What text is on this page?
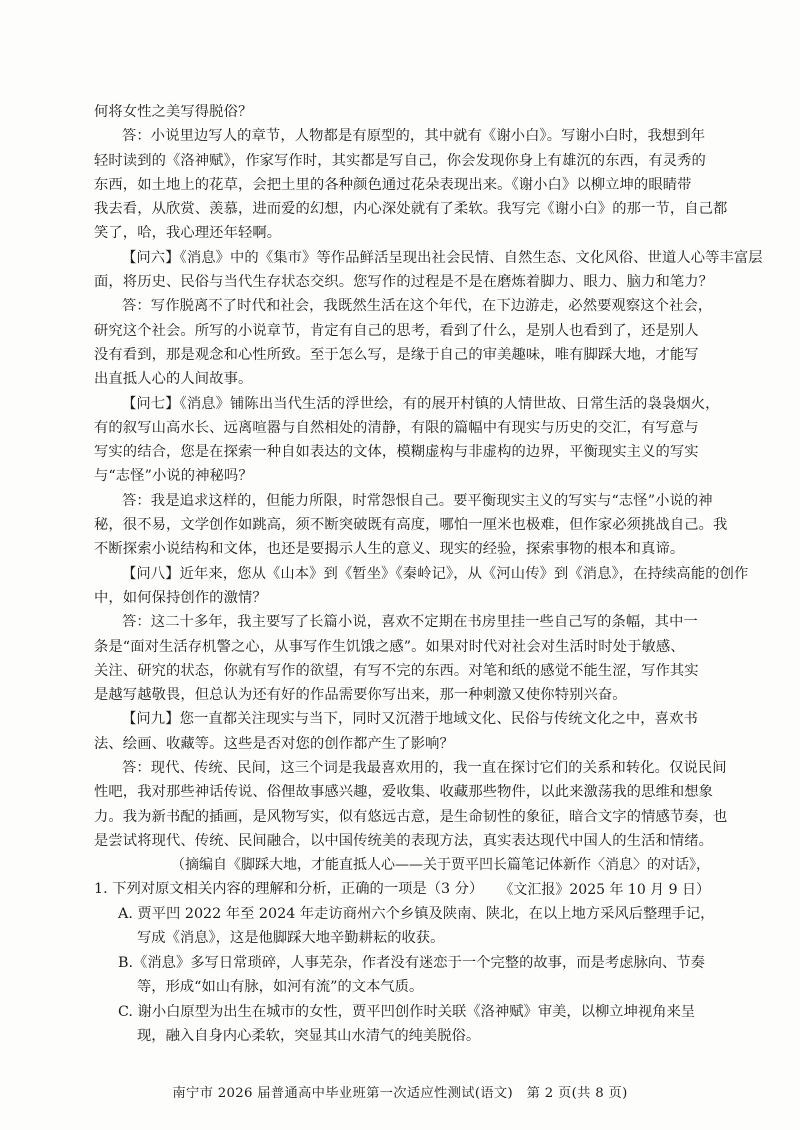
何将女性之美写得脱俗？
答：小说里边写人的章节，人物都是有原型的，其中就有《谢小白》。写谢小白时，我想到年
轻时读到的《洛神赋》，作家写作时，其实都是写自己，你会发现你身上有雄沉的东西，有灵秀的
东西，如土地上的花草，会把土里的各种颜色通过花朵表现出来。《谢小白》以柳立坤的眼睛带
我去看，从欣赏、羡慕，进而爱的幻想，内心深处就有了柔软。我写完《谢小白》的那一节，自己都
笑了，哈，我心理还年轻啊。
【问六】《消息》中的《集市》等作品鲜活呈现出社会民情、自然生态、文化风俗、世道人心等丰富层
面，将历史、民俗与当代生存状态交织。您写作的过程是不是在磨炼着脚力、眼力、脑力和笔力？
答：写作脱离不了时代和社会，我既然生活在这个年代，在下边游走，必然要观察这个社会，
研究这个社会。所写的小说章节，肯定有自己的思考，看到了什么，是别人也看到了，还是别人
没有看到，那是观念和心性所致。至于怎么写，是缘于自己的审美趣味，唯有脚踩大地，才能写
出直抵人心的人间故事。
【问七】《消息》铺陈出当代生活的浮世绘，有的展开村镇的人情世故、日常生活的袅袅烟火，
有的叙写山高水长、远离喧嚣与自然相处的清静，有限的篇幅中有现实与历史的交汇，有写意与
写实的结合，您是在探索一种自如表达的文体，模糊虚构与非虚构的边界，平衡现实主义的写实
与“志怪”小说的神秘吗？
答：我是追求这样的，但能力所限，时常怨恨自己。要平衡现实主义的写实与“志怪”小说的神
秘，很不易，文学创作如跳高，须不断突破既有高度，哪怕一厘米也极难，但作家必须挑战自己。我
不断探索小说结构和文体，也还是要揭示人生的意义、现实的经验，探索事物的根本和真谛。
【问八】近年来，您从《山本》到《暂坐》《秦岭记》，从《河山传》到《消息》，在持续高能的创作
中，如何保持创作的激情？
答：这二十多年，我主要写了长篇小说，喜欢不定期在书房里挂一些自己写的条幅，其中一
条是“面对生活存机警之心，从事写作生饥饿之感”。如果对时代对社会对生活时时处于敏感、
关注、研究的状态，你就有写作的欲望，有写不完的东西。对笔和纸的感觉不能生涩，写作其实
是越写越敬畏，但总认为还有好的作品需要你写出来，那一种刺激又使你特别兴奋。
【问九】您一直都关注现实与当下，同时又沉潜于地域文化、民俗与传统文化之中，喜欢书
法、绘画、收藏等。这些是否对您的创作都产生了影响？
答：现代、传统、民间，这三个词是我最喜欢用的，我一直在探讨它们的关系和转化。仅说民间
性吧，我对那些神话传说、俗俚故事感兴趣，爱收集、收藏那些物件，以此来激荡我的思维和想象
力。我为新书配的插画，是风物写实，似有悠远古意，是生命韧性的象征，暗合文字的情感节奏，也
是尝试将现代、传统、民间融合，以中国传统美的表现方法，真实表达现代中国人的生活和情绪。
（摘编自《脚踩大地，才能直抵人心——关于贾平凹长篇笔记体新作〈消息〉的对话》，
《文汇报》2025 年 10 月 9 日）

1. 下列对原文相关内容的理解和分析，正确的一项是（3 分）

A. 贾平凹 2022 年至 2024 年走访商州六个乡镇及陕南、陕北，在以上地方采风后整理手记，
写成《消息》，这是他脚踩大地辛勤耕耘的收获。
B.《消息》多写日常琐碎，人事芜杂，作者没有迷恋于一个完整的故事，而是考虑脉向、节奏
等，形成“如山有脉，如河有流”的文本气质。
C. 谢小白原型为出生在城市的女性，贾平凹创作时关联《洛神赋》审美，以柳立坤视角来呈
现，融入自身内心柔软，突显其山水清气的纯美脱俗。
南宁市 2026 届普通高中毕业班第一次适应性测试(语文)　第 2 页(共 8 页)
